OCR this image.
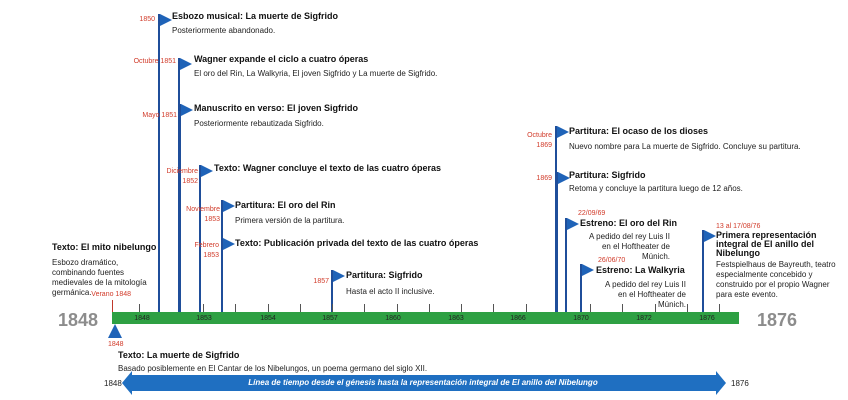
1848	1876
1848	1853	1854	1857	1860	1863	1866	1870	1872	1876
1850 Esbozo musical: La muerte de Sigfrido
Posteriormente abandonado.
Octubre 1851 Wagner expande el ciclo a cuatro óperas
El oro del Rin, La Walkyria, El joven Sigfrido y La muerte de Sigfrido.
Mayo 1851
Manuscrito en verso: El joven Sigfrido
Posteriormente rebautizada Sigfrido.
Diciembre 1852
Texto: Wagner concluye el texto de las cuatro óperas
Noviembre 1853
Partitura: El oro del Rin
Primera versión de la partitura.
Febrero 1853
Texto: Publicación privada del texto de las cuatro óperas
1857
Partitura: Sigfrido
Hasta el acto II inclusive.
Octubre 1869
Partitura: El ocaso de los dioses
Nuevo nombre para La muerte de Sigfrido. Concluye su partitura.
1869 Partitura: Sigfrido
Retoma y concluye la partitura luego de 12 años.
22/09/69
Estreno: El oro del Rin
A pedido del rey Luis II en el Hoftheater de Múnich.
26/06/70
Estreno: La Walkyria
A pedido del rey Luis II en el Hoftheater de Múnich.
13 al 17/08/76
Primera representación integral de El anillo del Nibelungo
Festspielhaus de Bayreuth, teatro especialmente concebido y construido por el propio Wagner para este evento.
Texto: El mito nibelungo
Esbozo dramático, combinando fuentes medievales de la mitología germánica. Verano 1848
1848
Texto: La muerte de Sigfrido
Basado posiblemente en El Cantar de los Nibelungos, un poema germano del siglo XII.
1848	Línea de tiempo desde el génesis hasta la representación integral de El anillo del Nibelungo	1876
